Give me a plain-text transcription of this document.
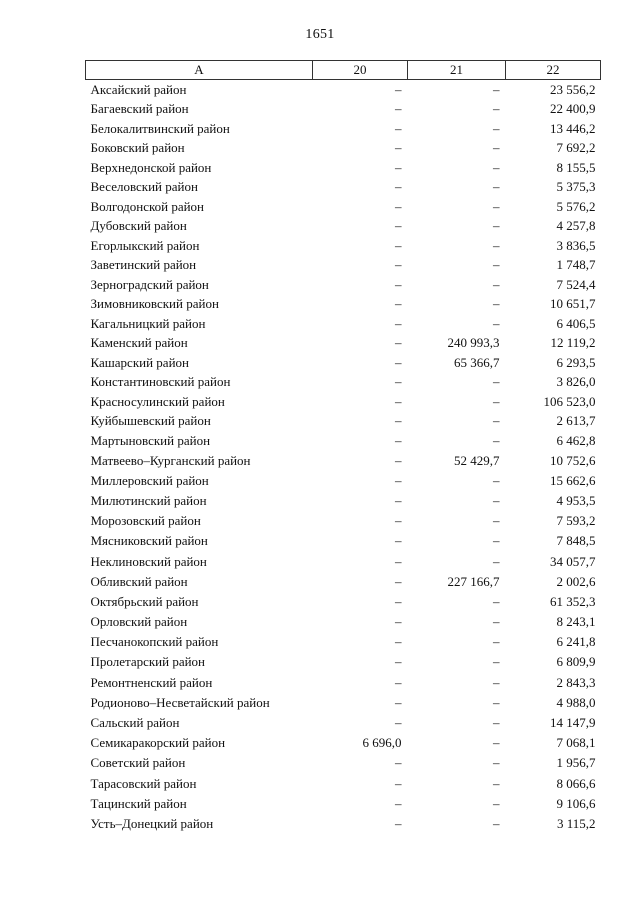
1651
A	20	21	22
Аксайский район	–	–	23 556,2
Багаевский район	–	–	22 400,9
Белокалитвинский район	–	–	13 446,2
Боковский район	–	–	7 692,2
Верхнедонской район	–	–	8 155,5
Веселовский район	–	–	5 375,3
Волгодонской район	–	–	5 576,2
Дубовский район	–	–	4 257,8
Егорлыкский район	–	–	3 836,5
Заветинский район	–	–	1 748,7
Зерноградский район	–	–	7 524,4
Зимовниковский район	–	–	10 651,7
Кагальницкий район	–	–	6 406,5
Каменский район	–	240 993,3	12 119,2
Кашарский район	–	65 366,7	6 293,5
Константиновский район	–	–	3 826,0
Красносулинский район	–	–	106 523,0
Куйбышевский район	–	–	2 613,7
Мартыновский район	–	–	6 462,8
Матвеево–Курганский район	–	52 429,7	10 752,6
Миллеровский район	–	–	15 662,6
Милютинский район	–	–	4 953,5
Морозовский район	–	–	7 593,2
Мясниковский район	–	–	7 848,5
Неклиновский район	–	–	34 057,7
Обливский район	–	227 166,7	2 002,6
Октябрьский район	–	–	61 352,3
Орловский район	–	–	8 243,1
Песчанокопский район	–	–	6 241,8
Пролетарский район	–	–	6 809,9
Ремонтненский район	–	–	2 843,3
Родионово–Несветайский район	–	–	4 988,0
Сальский район	–	–	14 147,9
Семикаракорский район	6 696,0	–	7 068,1
Советский район	–	–	1 956,7
Тарасовский район	–	–	8 066,6
Тацинский район	–	–	9 106,6
Усть–Донецкий район	–	–	3 115,2
